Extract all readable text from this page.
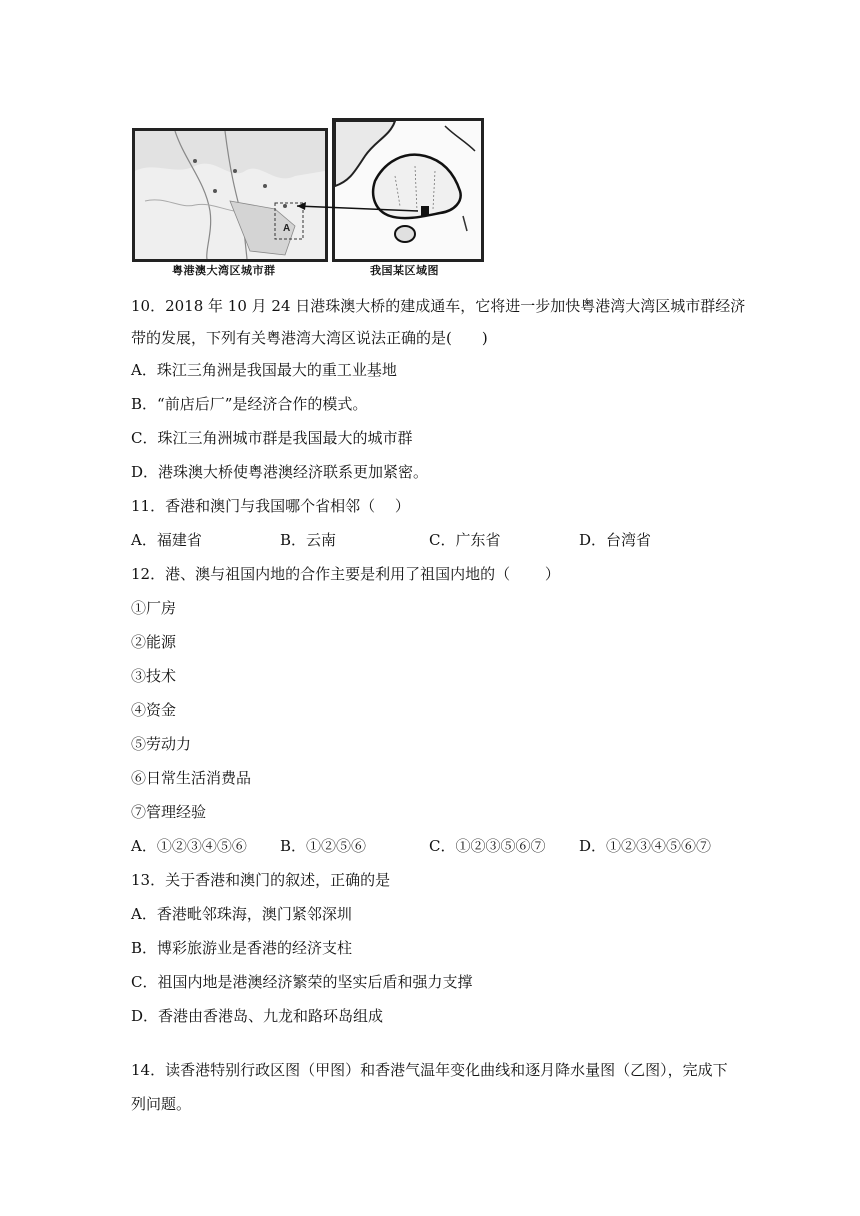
A
粤港澳大湾区城市群	我国某区域图
10．2018 年 10 月 24 日港珠澳大桥的建成通车，它将进一步加快粤港湾大湾区城市群经济
带的发展，下列有关粤港湾大湾区说法正确的是(　　)
A．珠江三角洲是我国最大的重工业基地
B．“前店后厂”是经济合作的模式。
C．珠江三角洲城市群是我国最大的城市群
D．港珠澳大桥使粤港澳经济联系更加紧密。
11．香港和澳门与我国哪个省相邻（　 ）
A．福建省	B．云南	C．广东省	D．台湾省
12．港、澳与祖国内地的合作主要是利用了祖国内地的（　　 ）
①厂房
②能源
③技术
④资金
⑤劳动力
⑥日常生活消费品
⑦管理经验
A．①②③④⑤⑥ B．①②⑤⑥	C．①②③⑤⑥⑦ D．①②③④⑤⑥⑦
13．关于香港和澳门的叙述，正确的是
A．香港毗邻珠海，澳门紧邻深圳
B．博彩旅游业是香港的经济支柱
C．祖国内地是港澳经济繁荣的坚实后盾和强力支撑
D．香港由香港岛、九龙和路环岛组成
14．读香港特别行政区图（甲图）和香港气温年变化曲线和逐月降水量图（乙图），完成下
列问题。
